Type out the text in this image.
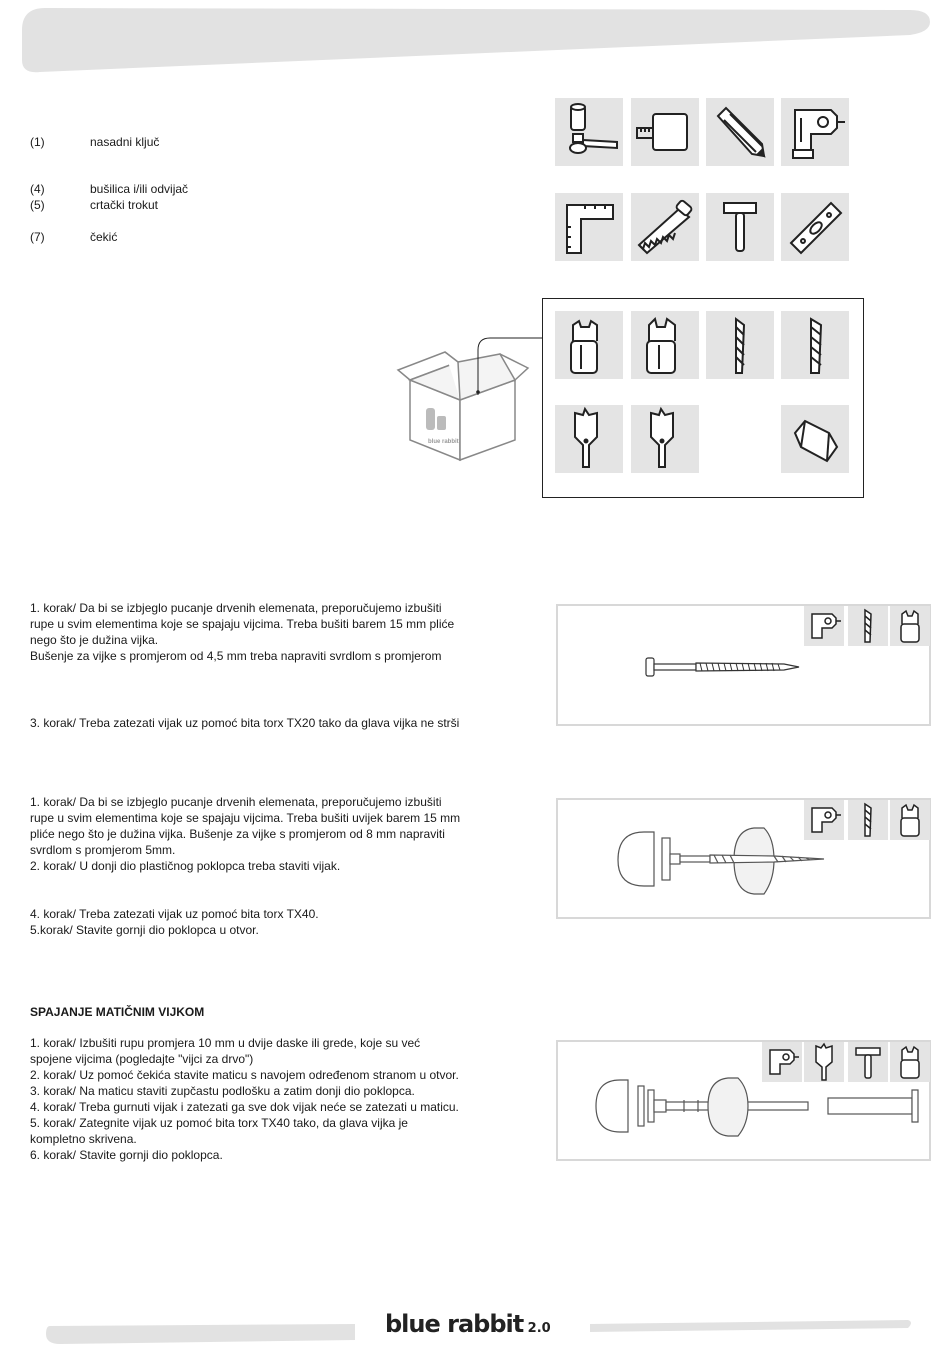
(1)	nasadni ključ
(4)	bušilica i/ili odvijač
(5)	crtački trokut
(7)	čekić
blue rabbit

1. korak/ Da bi se izbjeglo pucanje drvenih elemenata, preporučujemo izbušiti

rupe u svim elementima koje se spajaju vijcima. Treba bušiti barem 15 mm pliće

nego što je dužina vijka.

Bušenje za vijke s promjerom od 4,5 mm treba napraviti svrdlom s promjerom

3. korak/ Treba zatezati vijak uz pomoć bita torx TX20 tako da glava vijka ne strši

1. korak/ Da bi se izbjeglo pucanje drvenih elemenata, preporučujemo izbušiti

rupe u svim elementima koje se spajaju vijcima. Treba bušiti uvijek barem 15 mm

pliće nego što je dužina vijka. Bušenje za vijke s promjerom od 8 mm napraviti

svrdlom s promjerom 5mm.

2. korak/ U donji dio plastičnog poklopca treba staviti vijak.

4. korak/ Treba zatezati vijak uz pomoć bita torx TX40.

5.korak/ Stavite gornji dio poklopca u otvor.

SPAJANJE MATIČNIM VIJKOM

1. korak/ Izbušiti rupu promjera 10 mm u dvije daske ili grede, koje su već

spojene vijcima (pogledajte "vijci za drvo")

2. korak/ Uz pomoć čekića stavite maticu s navojem određenom stranom u otvor.

3. korak/ Na maticu staviti zupčastu podlošku a zatim donji dio poklopca.

4. korak/ Treba gurnuti vijak i zatezati ga sve dok vijak neće se zatezati u maticu.

5. korak/ Zategnite vijak uz pomoć bita torx TX40 tako, da glava vijka je

kompletno skrivena.

6. korak/ Stavite gornji dio poklopca.

blue rabbit 2.0
